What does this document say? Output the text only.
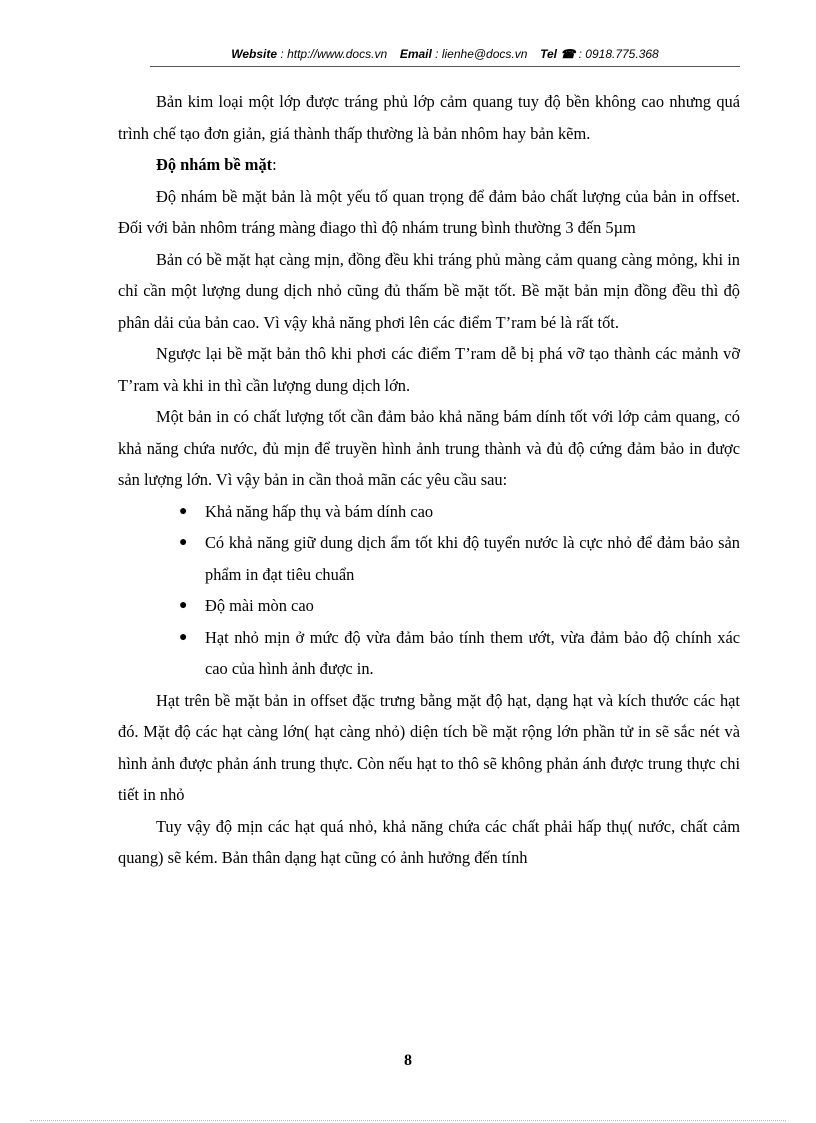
Website : http://www.docs.vn Email : lienhe@docs.vn Tel ☎ : 0918.775.368

Bản kim loại một lớp được tráng phủ lớp cảm quang tuy độ bền không cao nhưng quá trình chế tạo đơn giản, giá thành thấp thường là bản nhôm hay bản kẽm.

Độ nhám bề mặt:

Độ nhám bề mặt bản là một yếu tố quan trọng để đảm bảo chất lượng của bản in offset. Đối với bản nhôm tráng màng điago thì độ nhám trung bình thường 3 đến 5µm

Bản có bề mặt hạt càng mịn, đồng đều khi tráng phủ màng cảm quang càng mỏng, khi in chỉ cần một lượng dung dịch nhỏ cũng đủ thấm bề mặt tốt. Bề mặt bản mịn đồng đều thì độ phân dải của bản cao. Vì vậy khả năng phơi lên các điểm T’ram bé là rất tốt.

Ngược lại bề mặt bản thô khi phơi các điểm T’ram dễ bị phá vỡ tạo thành các mảnh vỡ T’ram và khi in thì cần lượng dung dịch lớn.

Một bản in có chất lượng tốt cần đảm bảo khả năng bám dính tốt với lớp cảm quang, có khả năng chứa nước, đủ mịn để truyền hình ảnh trung thành và đủ độ cứng đảm bảo in được sản lượng lớn. Vì vậy bản in cần thoả mãn các yêu cầu sau:

● Khả năng hấp thụ và bám dính cao
● Có khả năng giữ dung dịch ẩm tốt khi độ tuyển nước là cực nhỏ để đảm bảo sản phẩm in đạt tiêu chuẩn
● Độ mài mòn cao
● Hạt nhỏ mịn ở mức độ vừa đảm bảo tính them ướt, vừa đảm bảo độ chính xác cao của hình ảnh được in.

Hạt trên bề mặt bản in offset đặc trưng bằng mặt độ hạt, dạng hạt và kích thước các hạt đó. Mặt độ các hạt càng lớn( hạt càng nhỏ) diện tích bề mặt rộng lớn phần tử in sẽ sắc nét và hình ảnh được phản ánh trung thực. Còn nếu hạt to thô sẽ không phản ánh được trung thực chi tiết in nhỏ

Tuy vậy độ mịn các hạt quá nhỏ, khả năng chứa các chất phải hấp thụ( nước, chất cảm quang) sẽ kém. Bản thân dạng hạt cũng có ảnh hưởng đến tính

8
